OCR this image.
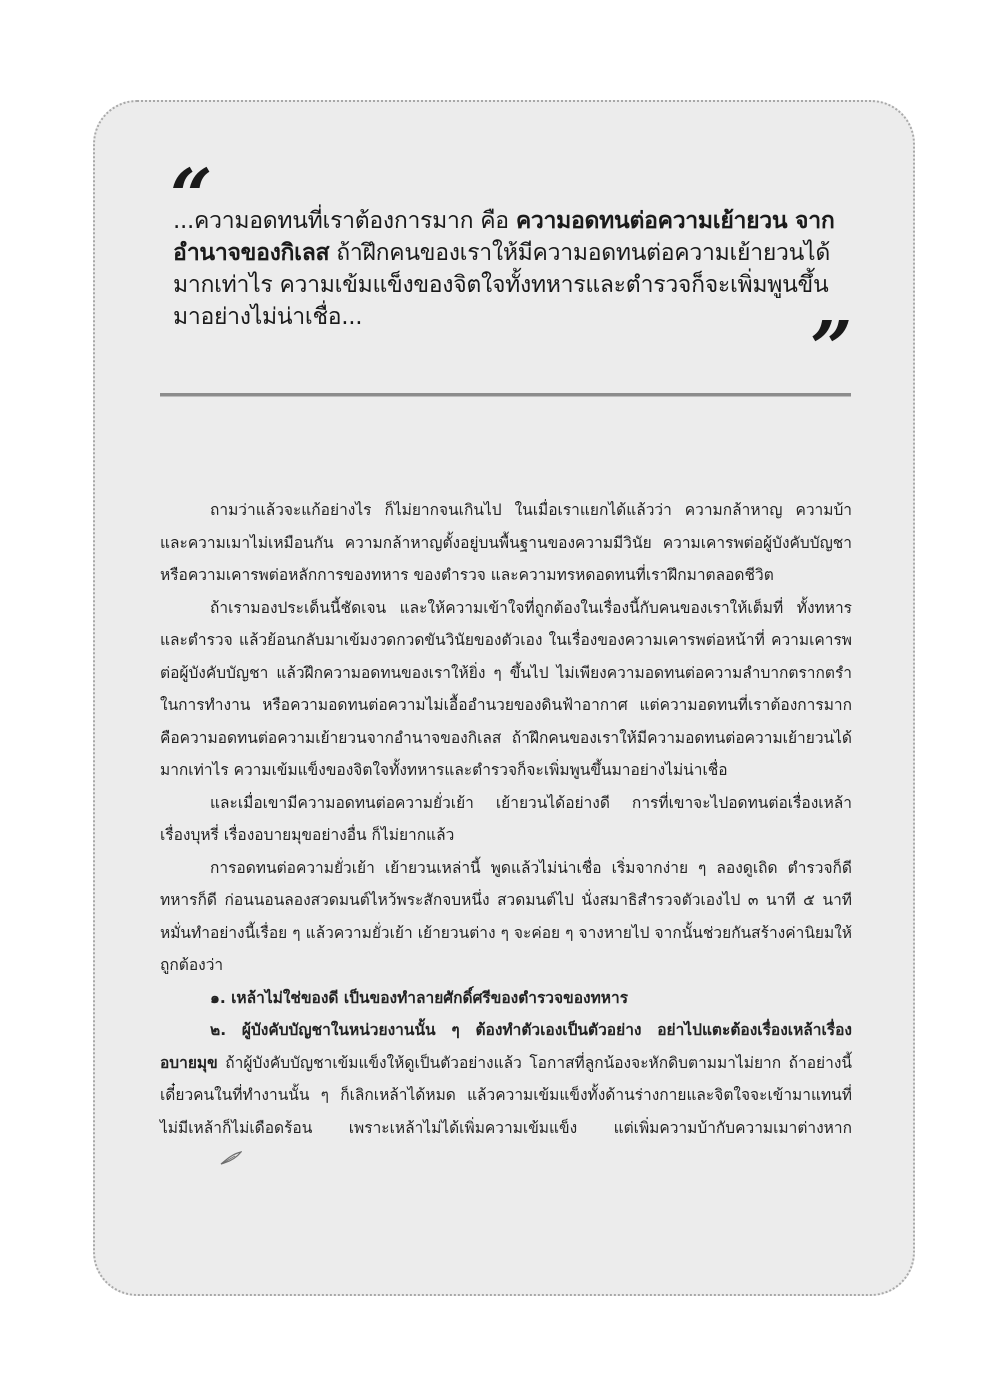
“

...ความอดทนที่เราต้องการมาก คือ ความอดทนต่อความเย้ายวน จากอำนาจของกิเลส ถ้าฝึกคนของเราให้มีความอดทนต่อความเย้ายวนได้มากเท่าไร ความเข้มแข็งของจิตใจทั้งทหารและตำรวจก็จะเพิ่มพูนขึ้นมาอย่างไม่น่าเชื่อ...	”

ถามว่าแล้วจะแก้อย่างไร ก็ไม่ยากจนเกินไป ในเมื่อเราแยกได้แล้วว่า ความกล้าหาญ ความบ้า และความเมาไม่เหมือนกัน ความกล้าหาญตั้งอยู่บนพื้นฐานของความมีวินัย ความเคารพต่อผู้บังคับบัญชาหรือความเคารพต่อหลักการของทหาร ของตำรวจ และความทรหดอดทนที่เราฝึกมาตลอดชีวิต

ถ้าเรามองประเด็นนี้ชัดเจน และให้ความเข้าใจที่ถูกต้องในเรื่องนี้กับคนของเราให้เต็มที่ ทั้งทหารและตำรวจ แล้วย้อนกลับมาเข้มงวดกวดขันวินัยของตัวเอง ในเรื่องของความเคารพต่อหน้าที่ ความเคารพต่อผู้บังคับบัญชา แล้วฝึกความอดทนของเราให้ยิ่ง ๆ ขึ้นไป ไม่เพียงความอดทนต่อความลำบากตรากตรำในการทำงาน หรือความอดทนต่อความไม่เอื้ออำนวยของดินฟ้าอากาศ แต่ความอดทนที่เราต้องการมาก คือความอดทนต่อความเย้ายวนจากอำนาจของกิเลส ถ้าฝึกคนของเราให้มีความอดทนต่อความเย้ายวนได้มากเท่าไร ความเข้มแข็งของจิตใจทั้งทหารและตำรวจก็จะเพิ่มพูนขึ้นมาอย่างไม่น่าเชื่อ

และเมื่อเขามีความอดทนต่อความยั่วเย้า เย้ายวนได้อย่างดี การที่เขาจะไปอดทนต่อเรื่องเหล้า เรื่องบุหรี่ เรื่องอบายมุขอย่างอื่น ก็ไม่ยากแล้ว

การอดทนต่อความยั่วเย้า เย้ายวนเหล่านี้ พูดแล้วไม่น่าเชื่อ เริ่มจากง่าย ๆ ลองดูเถิด ตำรวจก็ดี ทหารก็ดี ก่อนนอนลองสวดมนต์ไหว้พระสักจบหนึ่ง สวดมนต์ไป นั่งสมาธิสำรวจตัวเองไป ๓ นาที ๕ นาที หมั่นทำอย่างนี้เรื่อย ๆ แล้วความยั่วเย้า เย้ายวนต่าง ๆ จะค่อย ๆ จางหายไป จากนั้นช่วยกันสร้างค่านิยมให้ถูกต้องว่า

๑. เหล้าไม่ใช่ของดี เป็นของทำลายศักดิ์ศรีของตำรวจของทหาร

๒. ผู้บังคับบัญชาในหน่วยงานนั้น ๆ ต้องทำตัวเองเป็นตัวอย่าง อย่าไปแตะต้องเรื่องเหล้าเรื่องอบายมุข ถ้าผู้บังคับบัญชาเข้มแข็งให้ดูเป็นตัวอย่างแล้ว โอกาสที่ลูกน้องจะหักดิบตามมาไม่ยาก ถ้าอย่างนี้เดี๋ยวคนในที่ทำงานนั้น ๆ ก็เลิกเหล้าได้หมด แล้วความเข้มแข็งทั้งด้านร่างกายและจิตใจจะเข้ามาแทนที่ ไม่มีเหล้าก็ไม่เดือดร้อน เพราะเหล้าไม่ได้เพิ่มความเข้มแข็ง แต่เพิ่มความบ้ากับความเมาต่างหาก
